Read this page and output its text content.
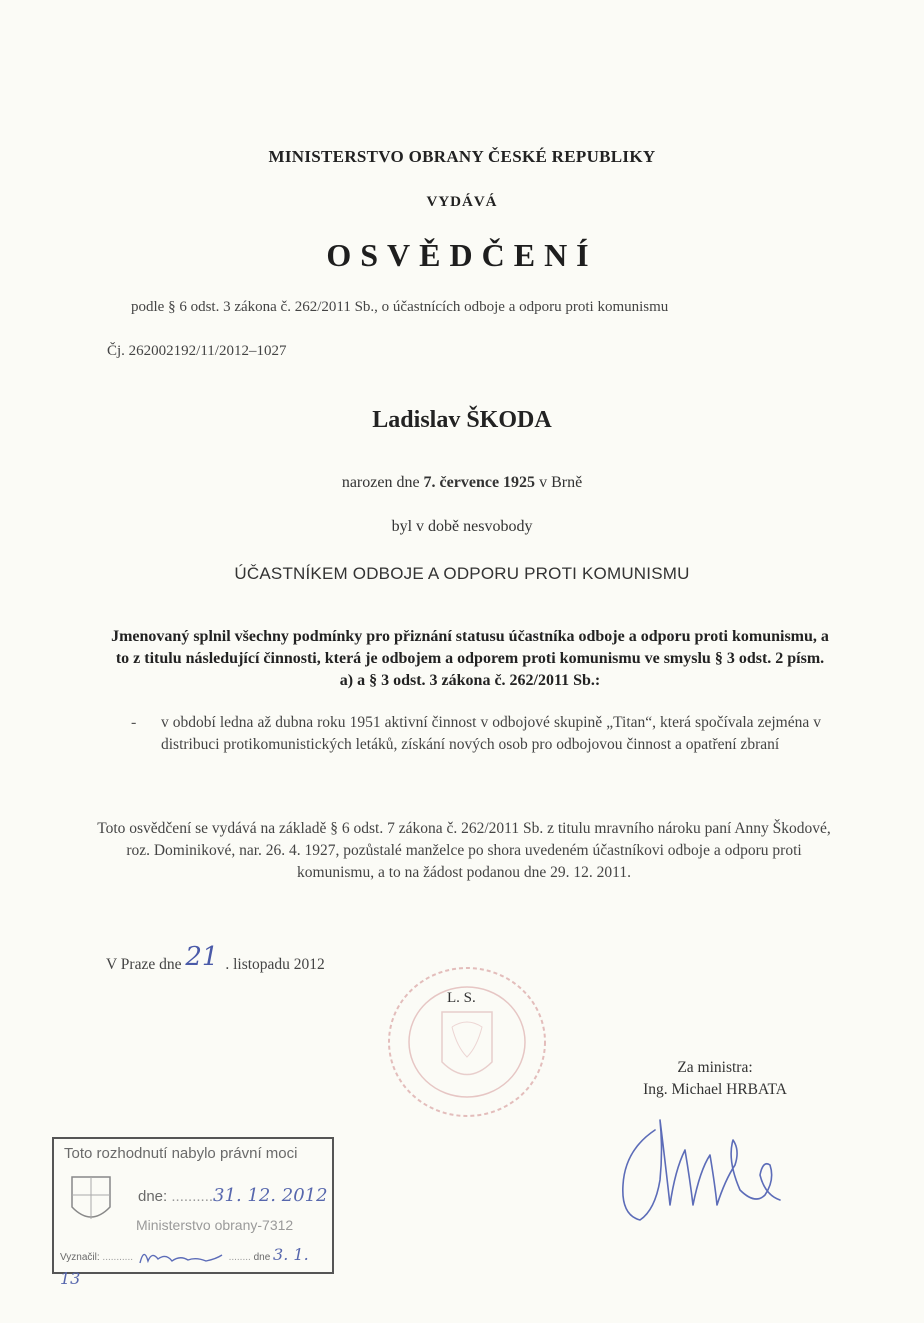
MINISTERSTVO OBRANY ČESKÉ REPUBLIKY
VYDÁVÁ
OSVĚDČENÍ
podle § 6 odst. 3 zákona č. 262/2011 Sb., o účastnících odboje a odporu proti komunismu
Čj. 262002192/11/2012–1027
Ladislav ŠKODA
narozen dne 7. července 1925 v Brně
byl v době nesvobody
ÚČASTNÍKEM ODBOJE A ODPORU PROTI KOMUNISMU
Jmenovaný splnil všechny podmínky pro přiznání statusu účastníka odboje a odporu proti komunismu, a to z titulu následující činnosti, která je odbojem a odporem proti komunismu ve smyslu § 3 odst. 2 písm. a) a § 3 odst. 3 zákona č. 262/2011 Sb.:
- v období ledna až dubna roku 1951 aktivní činnost v odbojové skupině „Titan“, která spočívala zejména v distribuci protikomunistických letáků, získání nových osob pro odbojovou činnost a opatření zbraní
Toto osvědčení se vydává na základě § 6 odst. 7 zákona č. 262/2011 Sb. z titulu mravního nároku paní Anny Škodové, roz. Dominikové, nar. 26. 4. 1927, pozůstalé manželce po shora uvedeném účastníkovi odboje a odporu proti komunismu, a to na žádost podanou dne 29. 12. 2011.
V Praze dne 21 . listopadu 2012
L. S.
Za ministra:
Ing. Michael HRBATA
Toto rozhodnutí nabylo právní moci
dne: ..........31. 12. 2012
Ministerstvo obrany-7312
Vyznačil: ...........	........ dne 3. 1. 13
